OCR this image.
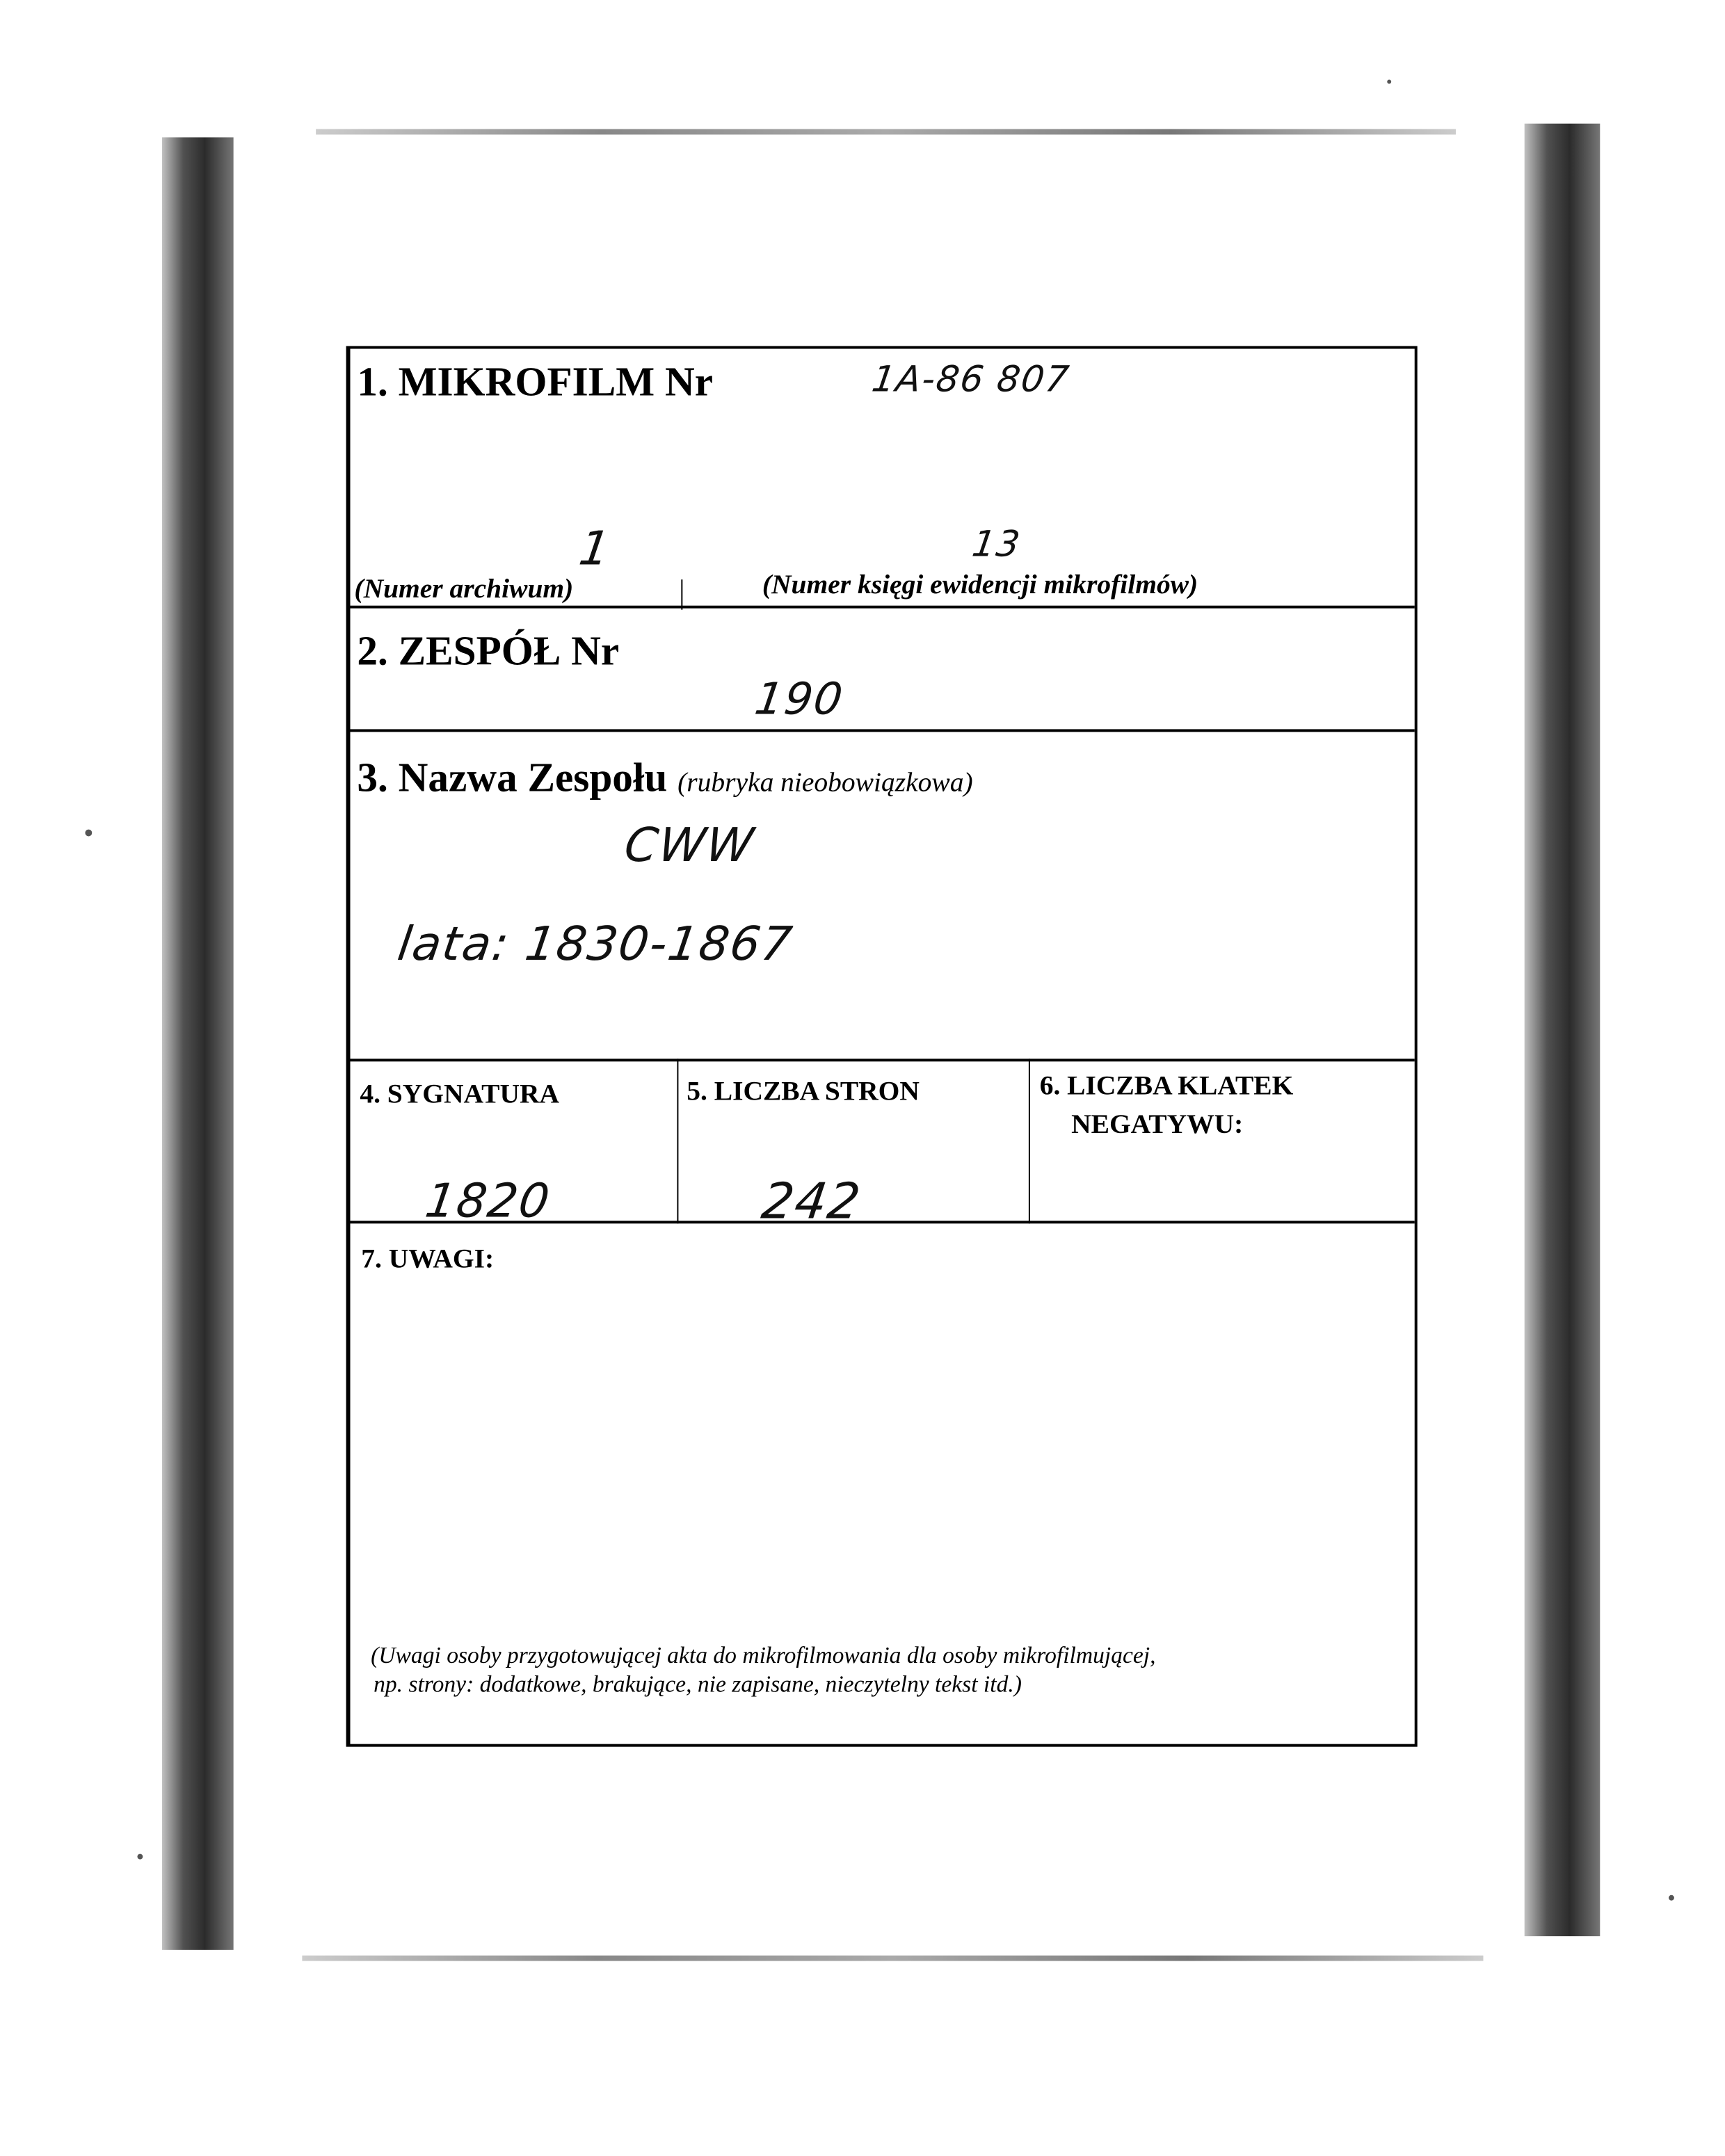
1. MIKROFILM Nr	1A-86 807
1	13
(Numer archiwum)	(Numer księgi ewidencji mikrofilmów)
2. ZESPÓŁ Nr
190
3. Nazwa Zespołu (rubryka nieobowiązkowa)
CWW
lata: 1830-1867
4. SYGNATURA	5. LICZBA STRON	6. LICZBA KLATEK
NEGATYWU:
1820	242
7. UWAGI:
(Uwagi osoby przygotowującej akta do mikrofilmowania dla osoby mikrofilmującej,
np. strony: dodatkowe, brakujące, nie zapisane, nieczytelny tekst itd.)
